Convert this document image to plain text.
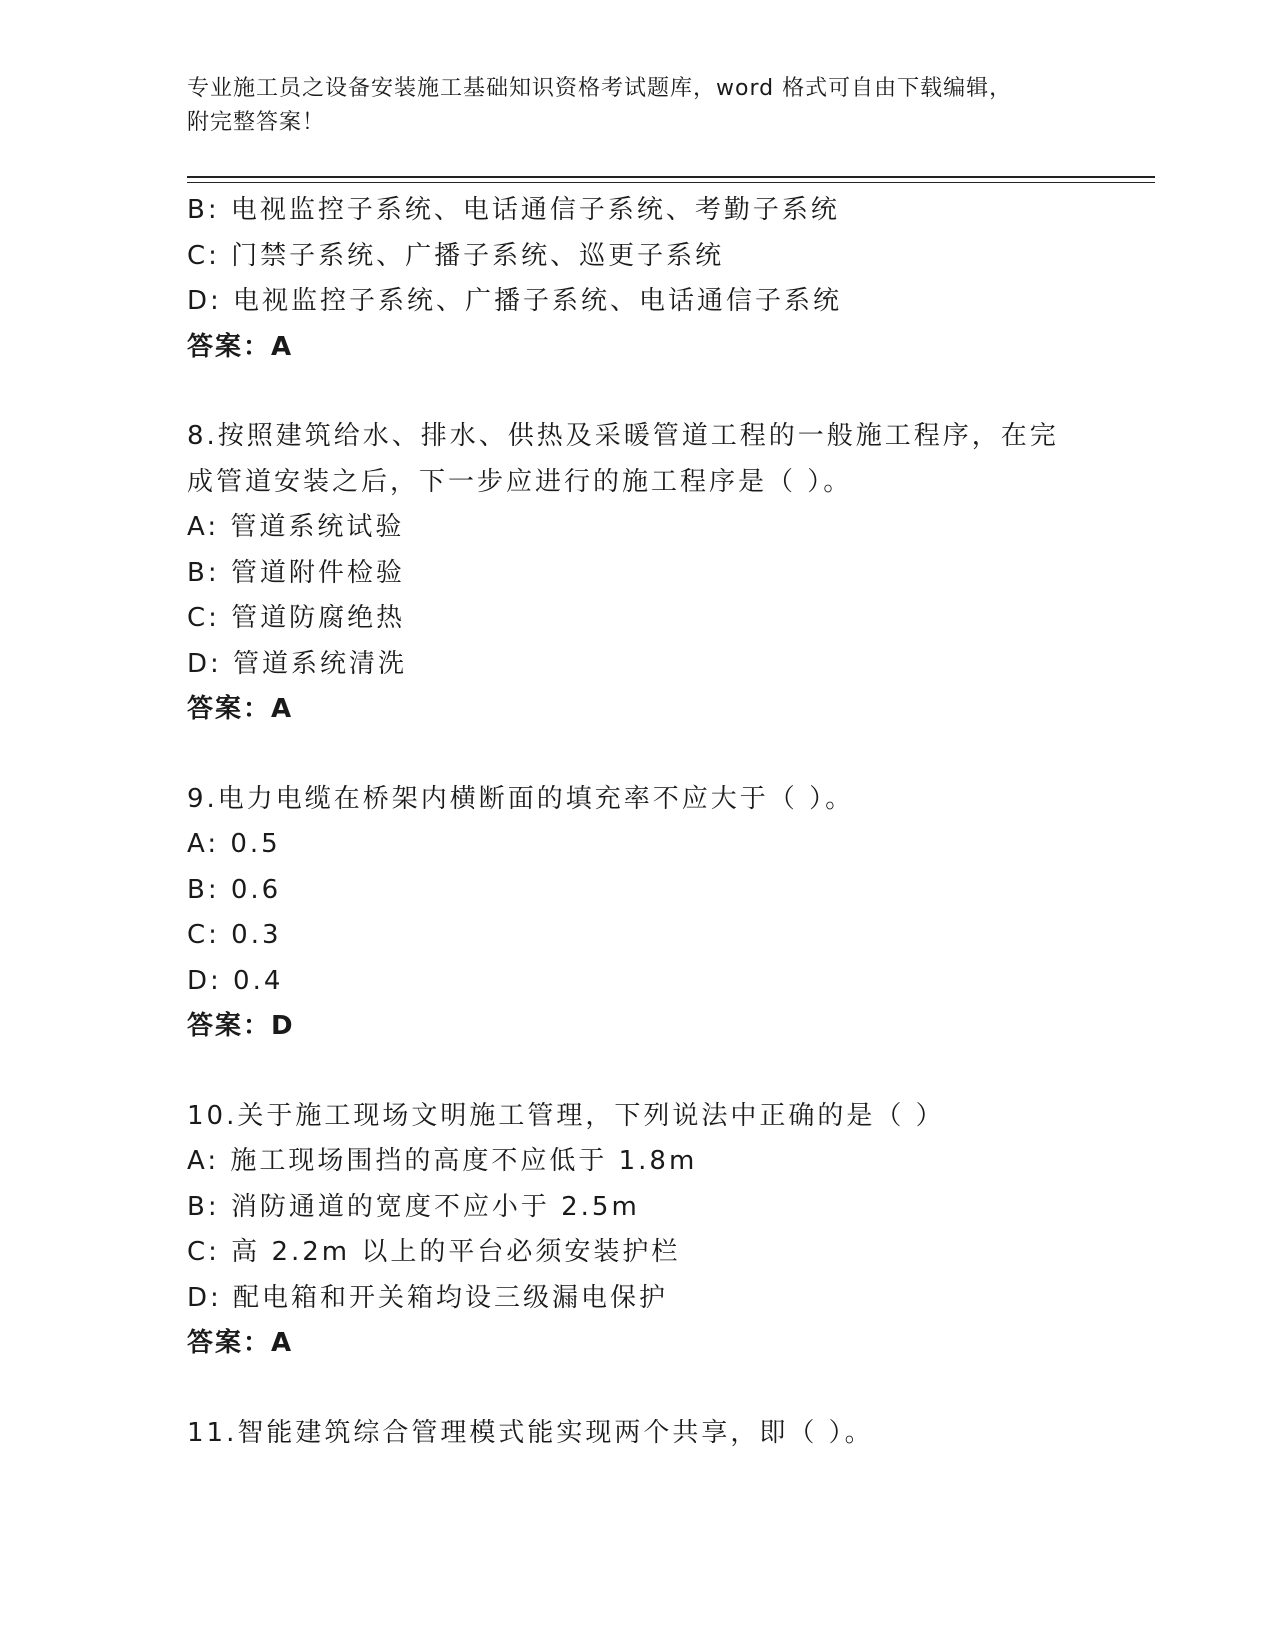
专业施工员之设备安装施工基础知识资格考试题库，word 格式可自由下载编辑，
附完整答案！
B: 电视监控子系统、电话通信子系统、考勤子系统
C: 门禁子系统、广播子系统、巡更子系统
D: 电视监控子系统、广播子系统、电话通信子系统
答案：A
8.按照建筑给水、排水、供热及采暖管道工程的一般施工程序，在完
成管道安装之后，下一步应进行的施工程序是（ ）。
A: 管道系统试验
B: 管道附件检验
C: 管道防腐绝热
D: 管道系统清洗
答案：A
9.电力电缆在桥架内横断面的填充率不应大于（ ）。
A: 0.5
B: 0.6
C: 0.3
D: 0.4
答案：D
10.关于施工现场文明施工管理，下列说法中正确的是（ ）
A: 施工现场围挡的高度不应低于 1.8m
B: 消防通道的宽度不应小于 2.5m
C: 高 2.2m 以上的平台必须安装护栏
D: 配电箱和开关箱均设三级漏电保护
答案：A
11.智能建筑综合管理模式能实现两个共享，即（ ）。
